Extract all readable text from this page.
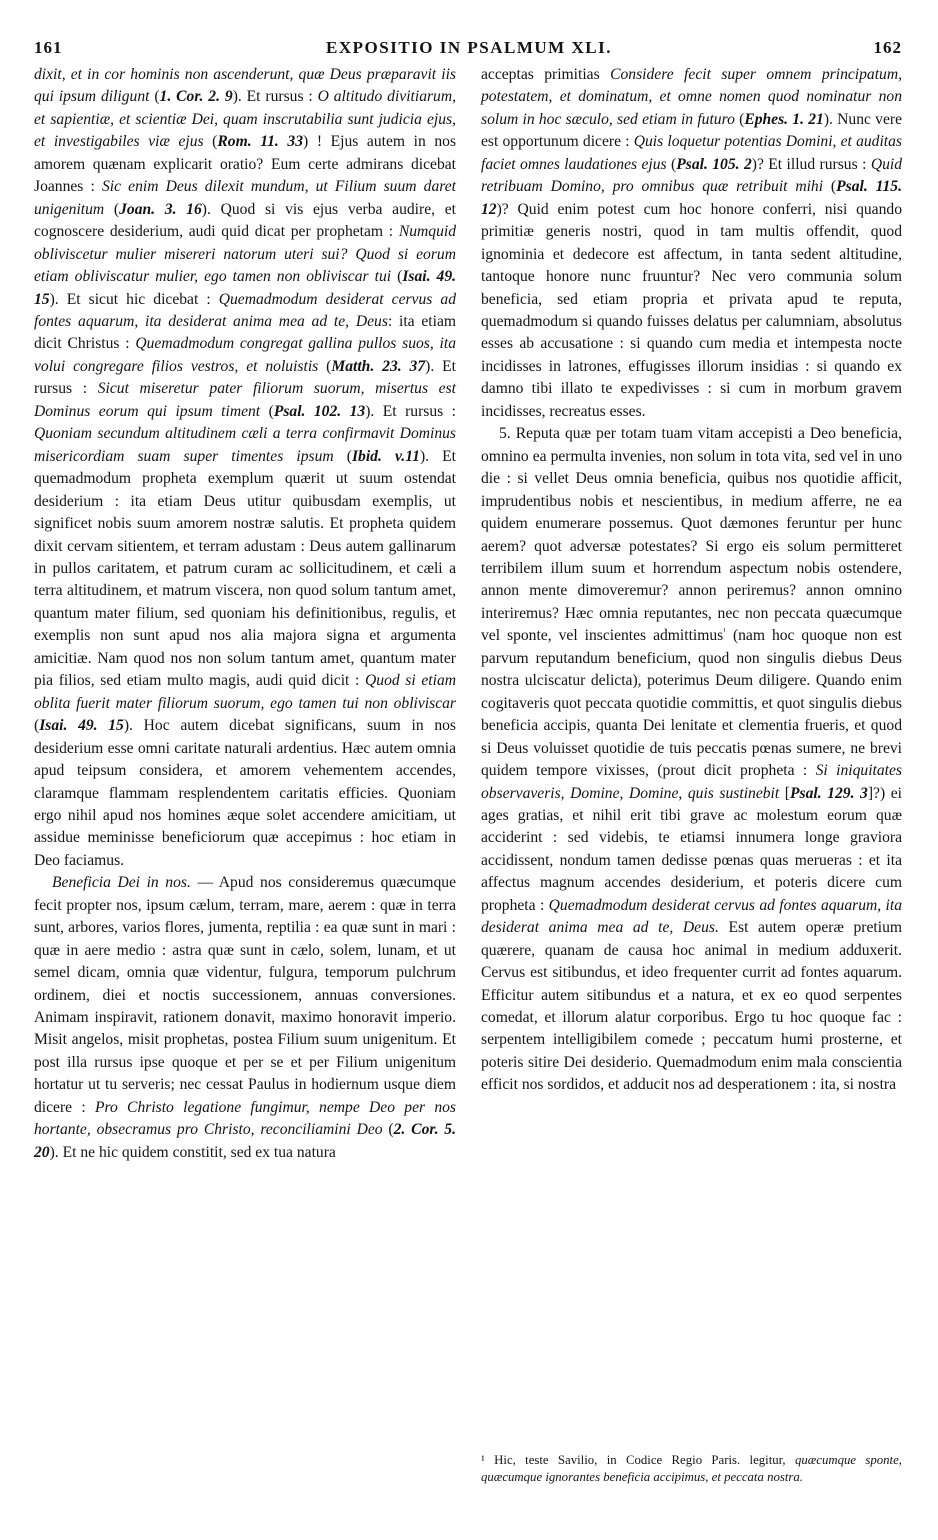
161	EXPOSITIO IN PSALMUM XLI.	162

dixit, et in cor hominis non ascenderunt, quæ Deus præparavit iis qui ipsum diligunt (1. Cor. 2. 9). Et rursus : O altitudo divitiarum, et sapientiæ, et scientiæ Dei, quam inscrutabilia sunt judicia ejus, et investigabiles viæ ejus (Rom. 11. 33) ! Ejus autem in nos amorem quænam explicarit oratio? Eum certe admirans dicebat Joannes : Sic enim Deus dilexit mundum, ut Filium suum daret unigenitum (Joan. 3. 16). Quod si vis ejus verba audire, et cognoscere desiderium, audi quid dicat per prophetam : Numquid obliviscetur mulier misereri natorum uteri sui? Quod si eorum etiam obliviscatur mulier, ego tamen non obliviscar tui (Isai. 49. 15). Et sicut hic dicebat : Quemadmodum desiderat cervus ad fontes aquarum, ita desiderat anima mea ad te, Deus: ita etiam dicit Christus : Quemadmodum congregat gallina pullos suos, ita volui congregare filios vestros, et noluistis (Matth. 23. 37). Et rursus : Sicut miseretur pater filiorum suorum, misertus est Dominus eorum qui ipsum timent (Psal. 102. 13). Et rursus : Quoniam secundum altitudinem cæli a terra confirmavit Dominus misericordiam suam super timentes ipsum (Ibid. v.11). Et quemadmodum propheta exemplum quærit ut suum ostendat desiderium : ita etiam Deus utitur quibusdam exemplis, ut significet nobis suum amorem nostræ salutis. Et propheta quidem dixit cervam sitientem, et terram adustam : Deus autem gallinarum in pullos caritatem, et patrum curam ac sollicitudinem, et cæli a terra altitudinem, et matrum viscera, non quod solum tantum amet, quantum mater filium, sed quoniam his definitionibus, regulis, et exemplis non sunt apud nos alia majora signa et argumenta amicitiæ. Nam quod nos non solum tantum amet, quantum mater pia filios, sed etiam multo magis, audi quid dicit : Quod si etiam oblita fuerit mater filiorum suorum, ego tamen tui non obliviscar (Isai. 49. 15). Hoc autem dicebat significans, suum in nos desiderium esse omni caritate naturali ardentius. Hæc autem omnia apud teipsum considera, et amorem vehementem accendes, claramque flammam resplendentem caritatis efficies. Quoniam ergo nihil apud nos homines æque solet accendere amicitiam, ut assidue meminisse beneficiorum quæ accepimus : hoc etiam in Deo faciamus.

Beneficia Dei in nos. — Apud nos consideremus quæcumque fecit propter nos, ipsum cælum, terram, mare, aerem : quæ in terra sunt, arbores, varios flores, jumenta, reptilia : ea quæ sunt in mari : quæ in aere medio : astra quæ sunt in cælo, solem, lunam, et ut semel dicam, omnia quæ videntur, fulgura, temporum pulchrum ordinem, diei et noctis successionem, annuas conversiones. Animam inspiravit, rationem donavit, maximo honoravit imperio. Misit angelos, misit prophetas, postea Filium suum unigenitum. Et post illa rursus ipse quoque et per se et per Filium unigenitum hortatur ut tu serveris; nec cessat Paulus in hodiernum usque diem dicere : Pro Christo legatione fungimur, nempe Deo per nos hortante, obsecramus pro Christo, reconciliamini Deo (2. Cor. 5. 20). Et ne hic quidem constitit, sed ex tua natura

acceptas primitias Considere fecit super omnem principatum, potestatem, et dominatum, et omne nomen quod nominatur non solum in hoc sæculo, sed etiam in futuro (Ephes. 1. 21). Nunc vere est opportunum dicere : Quis loquetur potentias Domini, et auditas faciet omnes laudationes ejus (Psal. 105. 2)? Et illud rursus : Quid retribuam Domino, pro omnibus quæ retribuit mihi (Psal. 115. 12)? Quid enim potest cum hoc honore conferri, nisi quando primitiæ generis nostri, quod in tam multis offendit, quod ignominia et dedecore est affectum, in tanta sedent altitudine, tantoque honore nunc fruuntur? Nec vero communia solum beneficia, sed etiam propria et privata apud te reputa, quemadmodum si quando fuisses delatus per calumniam, absolutus esses ab accusatione : si quando cum media et intempesta nocte incidisses in latrones, effugisses illorum insidias : si quando ex damno tibi illato te expedivisses : si cum in morbum gravem incidisses, recreatus esses.

5. Reputa quæ per totam tuam vitam accepisti a Deo beneficia, omnino ea permulta invenies, non solum in tota vita, sed vel in uno die : si vellet Deus omnia beneficia, quibus nos quotidie afficit, imprudentibus nobis et nescientibus, in medium afferre, ne ea quidem enumerare possemus. Quot dæmones feruntur per hunc aerem? quot adversæ potestates? Si ergo eis solum permitteret terribilem illum suum et horrendum aspectum nobis ostendere, annon mente dimoveremur? annon periremus? annon omnino interiremus? Hæc omnia reputantes, nec non peccata quæcumque vel sponte, vel inscientes admittimus$^{^1}$ (nam hoc quoque non est parvum reputandum beneficium, quod non singulis diebus Deus nostra ulciscatur delicta), poterimus Deum diligere. Quando enim cogitaveris quot peccata quotidie committis, et quot singulis diebus beneficia accipis, quanta Dei lenitate et clementia frueris, et quod si Deus voluisset quotidie de tuis peccatis pœnas sumere, ne brevi quidem tempore vixisses, (prout dicit propheta : Si iniquitates observaveris, Domine, Domine, quis sustinebit [Psal. 129. 3]?) ei ages gratias, et nihil erit tibi grave ac molestum eorum quæ acciderint : sed videbis, te etiamsi innumera longe graviora accidissent, nondum tamen dedisse pœnas quas merueras : et ita affectus magnum accendes desiderium, et poteris dicere cum propheta : Quemadmodum desiderat cervus ad fontes aquarum, ita desiderat anima mea ad te, Deus. Est autem operæ pretium quærere, quanam de causa hoc animal in medium adduxerit. Cervus est sitibundus, et ideo frequenter currit ad fontes aquarum. Efficitur autem sitibundus et a natura, et ex eo quod serpentes comedat, et illorum alatur corporibus. Ergo tu hoc quoque fac : serpentem intelligibilem comede ; peccatum humi prosterne, et poteris sitire Dei desiderio. Quemadmodum enim mala conscientia efficit nos sordidos, et adducit nos ad desperationem : ita, si nostra

¹ Hic, teste Savilio, in Codice Regio Paris. legitur, quæcumque sponte, quæcumque ignorantes beneficia accipimus, et peccata nostra.
